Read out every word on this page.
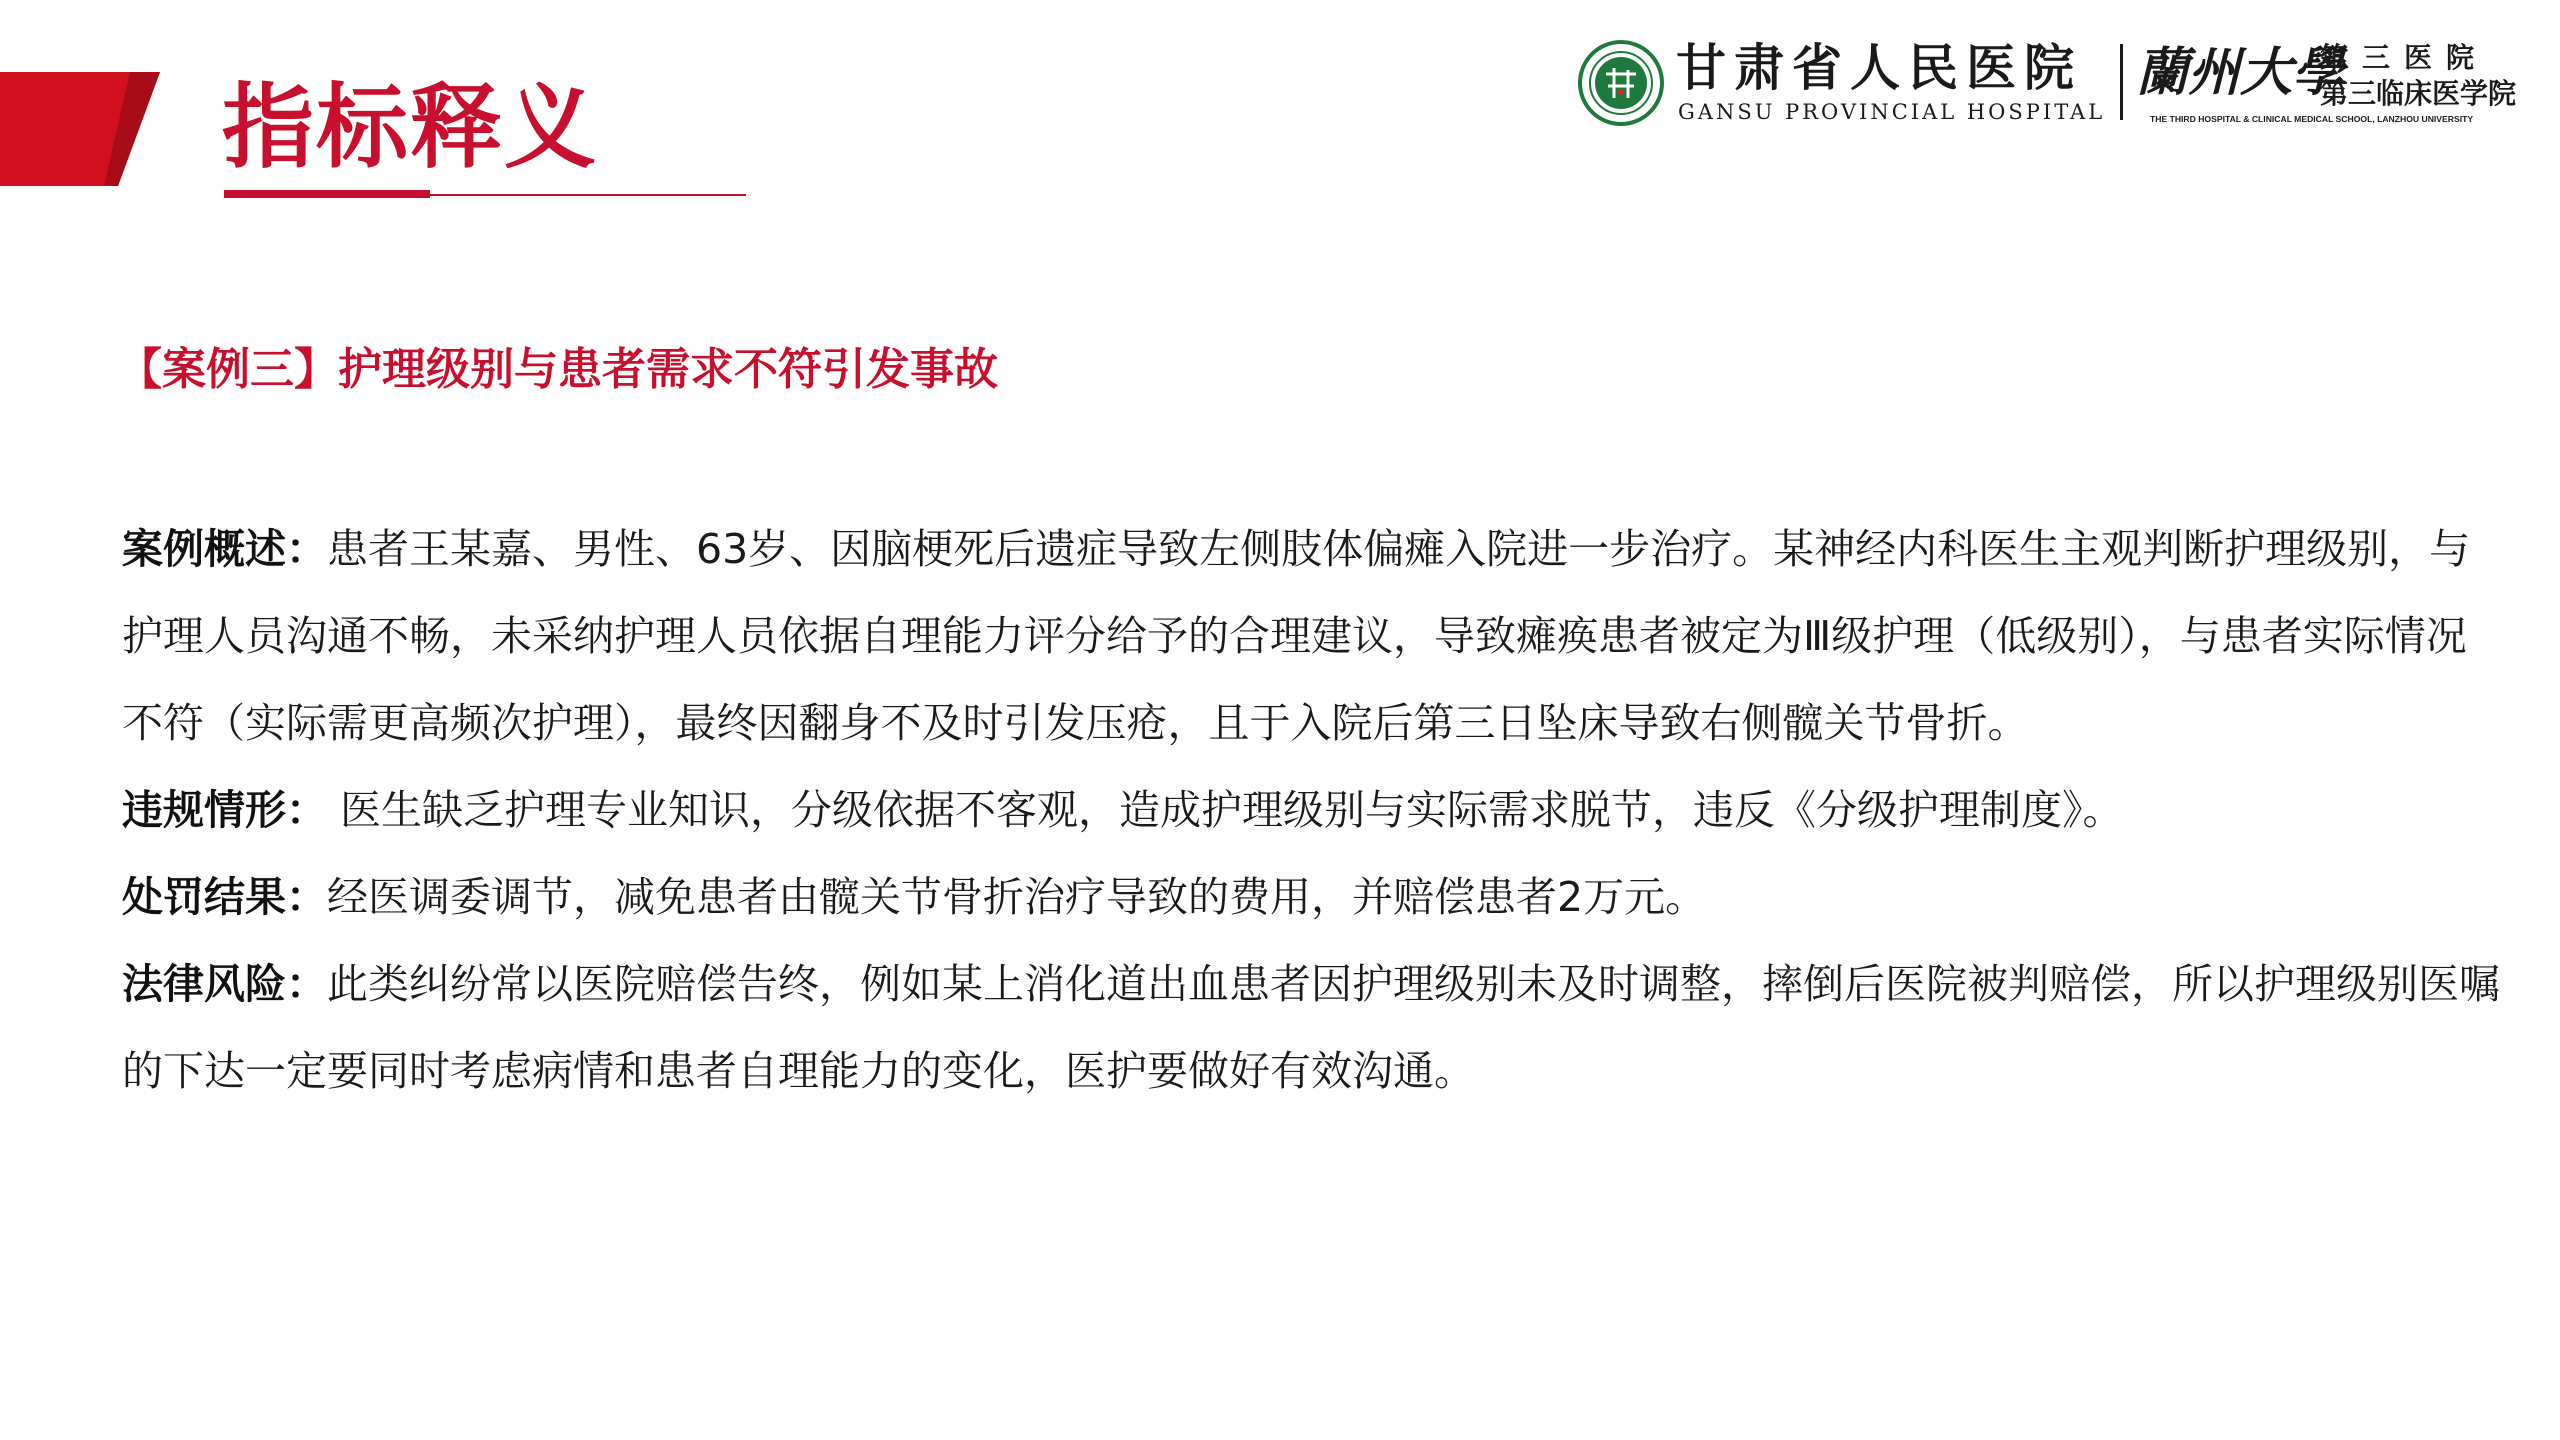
指标释义
甘肃省人民医院
GANSU PROVINCIAL HOSPITAL
蘭州大學
第三医院
第三临床医学院
THE THIRD HOSPITAL & CLINICAL MEDICAL SCHOOL, LANZHOU UNIVERSITY
【案例三】护理级别与患者需求不符引发事故

案例概述：患者王某嘉、男性、63岁、因脑梗死后遗症导致左侧肢体偏瘫入院进一步治疗。某神经内科医生主观判断护理级别，与护理人员沟通不畅，未采纳护理人员依据自理能力评分给予的合理建议，导致瘫痪患者被定为Ⅲ级护理（低级别），与患者实际情况不符（实际需更高频次护理），最终因翻身不及时引发压疮，且于入院后第三日坠床导致右侧髋关节骨折。

违规情形： 医生缺乏护理专业知识，分级依据不客观，造成护理级别与实际需求脱节，违反《分级护理制度》。

处罚结果：经医调委调节，减免患者由髋关节骨折治疗导致的费用，并赔偿患者2万元。

法律风险：此类纠纷常以医院赔偿告终，例如某上消化道出血患者因护理级别未及时调整，摔倒后医院被判赔偿，所以护理级别医嘱的下达一定要同时考虑病情和患者自理能力的变化，医护要做好有效沟通。
